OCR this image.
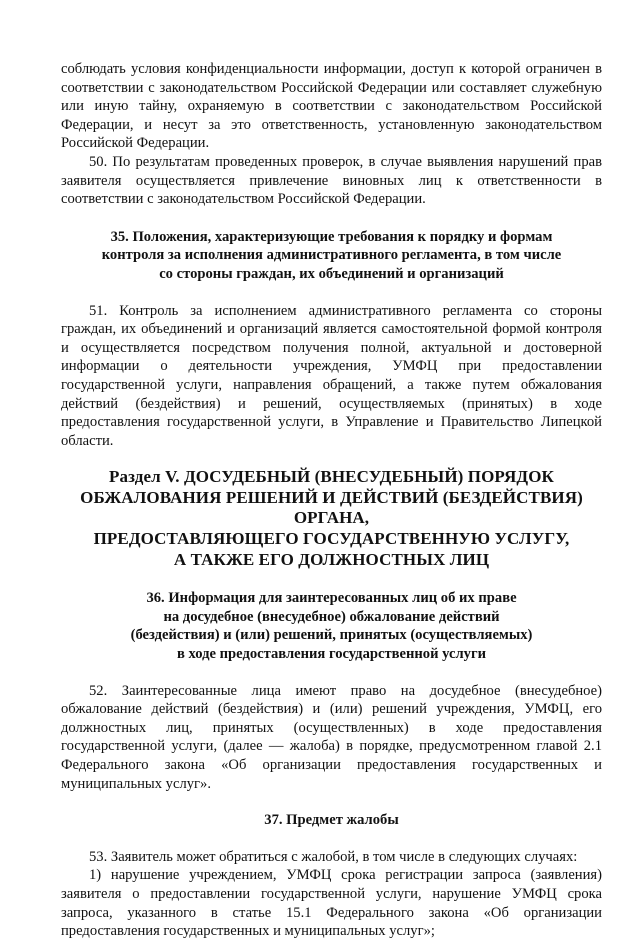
соблюдать условия конфиденциальности информации, доступ к которой ограничен в соответствии с законодательством Российской Федерации или составляет служебную или иную тайну, охраняемую в соответствии с законодательством Российской Федерации, и несут за это ответственность, установленную законодательством Российской Федерации.

50. По результатам проведенных проверок, в случае выявления нарушений прав заявителя осуществляется привлечение виновных лиц к ответственности в соответствии с законодательством Российской Федерации.

35. Положения, характеризующие требования к порядку и формам
контроля за исполнения административного регламента, в том числе
со стороны граждан, их объединений и организаций

51. Контроль за исполнением административного регламента со стороны граждан, их объединений и организаций является самостоятельной формой контроля и осуществляется посредством получения полной, актуальной и достоверной информации о деятельности учреждения, УМФЦ при предоставлении государственной услуги, направления обращений, а также путем обжалования действий (бездействия) и решений, осуществляемых (принятых) в ходе предоставления государственной услуги, в Управление и Правительство Липецкой области.

Раздел V. ДОСУДЕБНЫЙ (ВНЕСУДЕБНЫЙ) ПОРЯДОК
ОБЖАЛОВАНИЯ РЕШЕНИЙ И ДЕЙСТВИЙ (БЕЗДЕЙСТВИЯ) ОРГАНА,
ПРЕДОСТАВЛЯЮЩЕГО ГОСУДАРСТВЕННУЮ УСЛУГУ,
А ТАКЖЕ ЕГО ДОЛЖНОСТНЫХ ЛИЦ
36. Информация для заинтересованных лиц об их праве
на досудебное (внесудебное) обжалование действий
(бездействия) и (или) решений, принятых (осуществляемых)
в ходе предоставления государственной услуги

52. Заинтересованные лица имеют право на досудебное (внесудебное) обжалование действий (бездействия) и (или) решений учреждения, УМФЦ, его должностных лиц, принятых (осуществленных) в ходе предоставления государственной услуги, (далее — жалоба) в порядке, предусмотренном главой 2.1 Федерального закона «Об организации предоставления государственных и муниципальных услуг».

37. Предмет жалобы

53. Заявитель может обратиться с жалобой, в том числе в следующих случаях:

1) нарушение учреждением, УМФЦ срока регистрации запроса (заявления) заявителя о предоставлении государственной услуги, нарушение УМФЦ срока запроса, указанного в статье 15.1 Федерального закона «Об организации предоставления государственных и муниципальных услуг»;
